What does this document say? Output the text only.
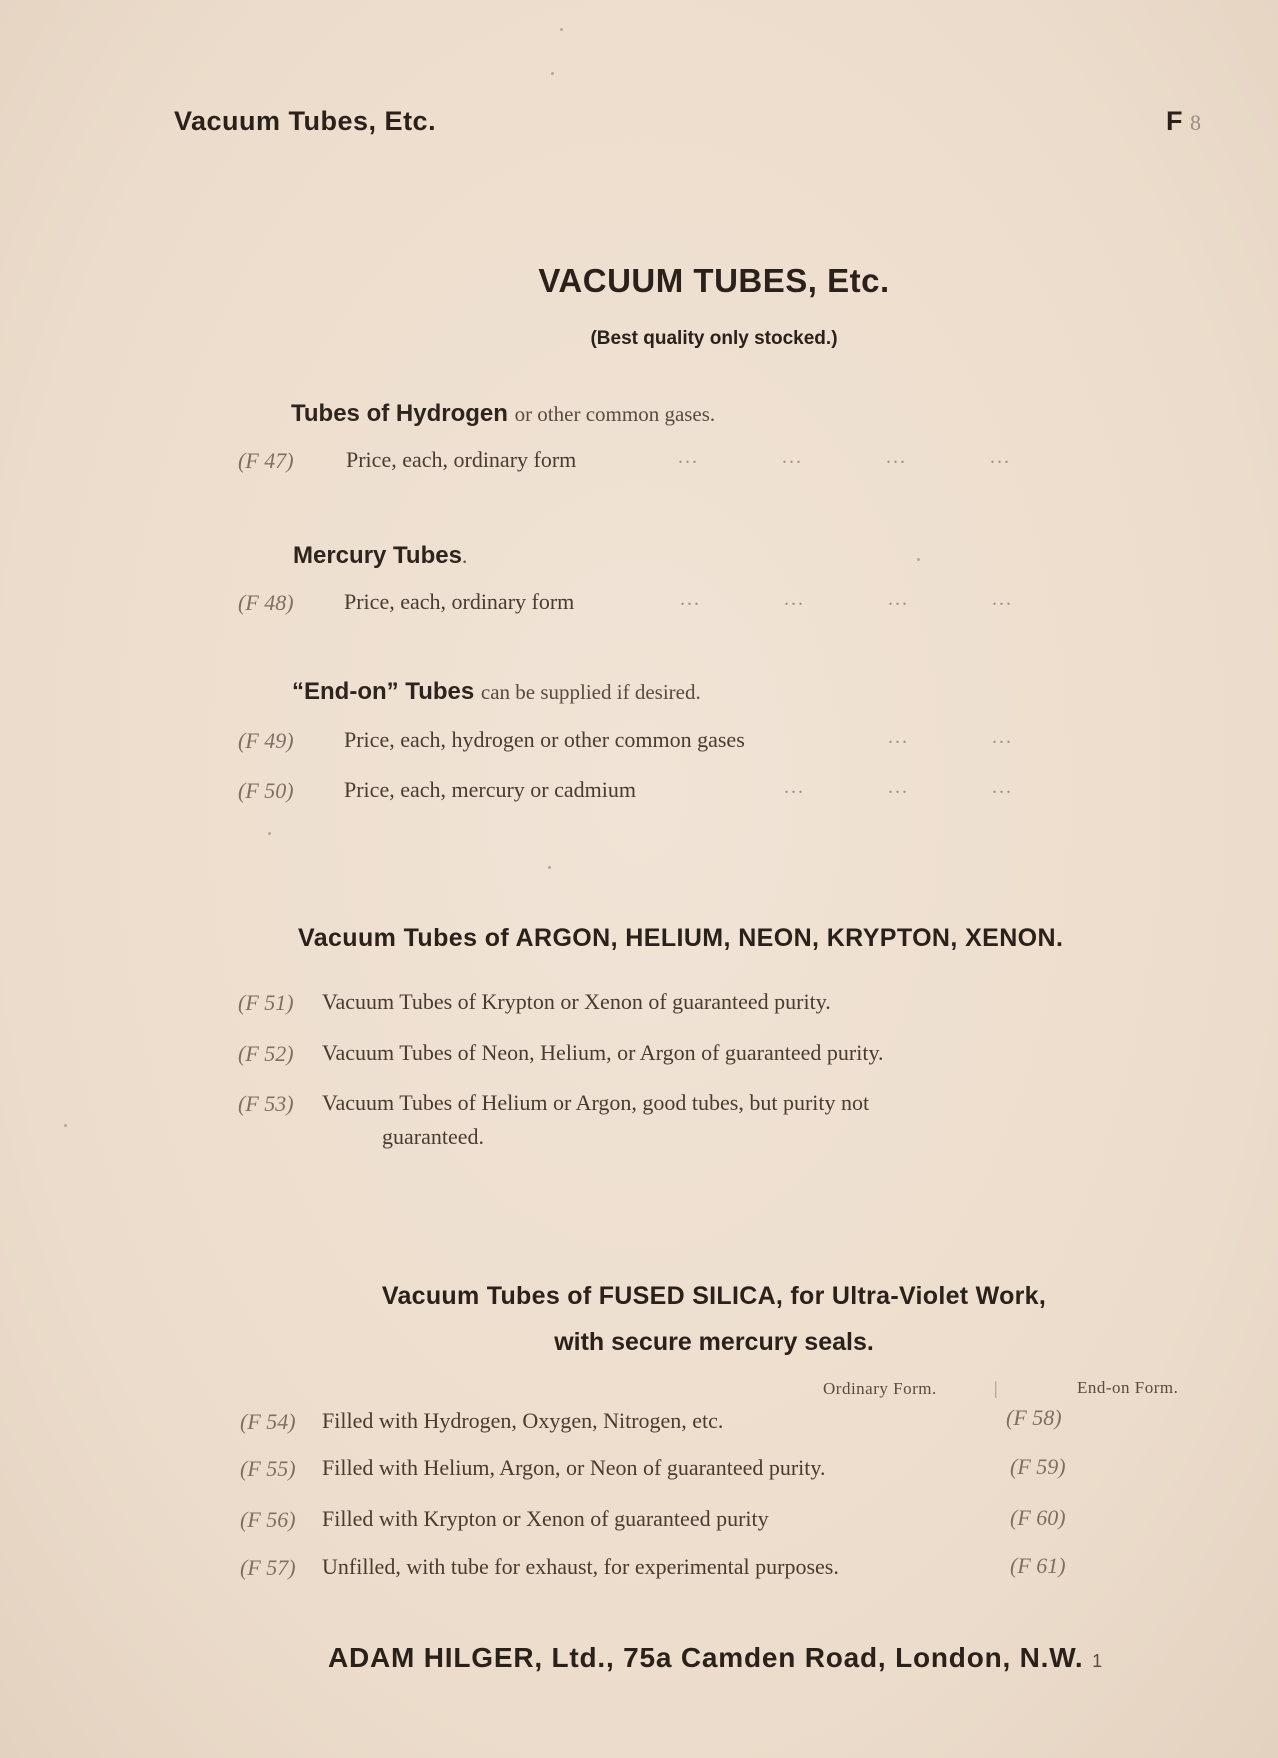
Vacuum Tubes, Etc.	F 8
VACUUM TUBES, Etc.
(Best quality only stocked.)
Tubes of Hydrogen or other common gases.
(F 47) Price, each, ordinary form	...	...	...	...
Mercury Tubes.
(F 48) Price, each, ordinary form	...	...	...	...
“End-on” Tubes can be supplied if desired.
(F 49) Price, each, hydrogen or other common gases	...	...
(F 50) Price, each, mercury or cadmium	...	...	...
Vacuum Tubes of ARGON, HELIUM, NEON, KRYPTON, XENON.
(F 51) Vacuum Tubes of Krypton or Xenon of guaranteed purity.
(F 52) Vacuum Tubes of Neon, Helium, or Argon of guaranteed purity.
(F 53) Vacuum Tubes of Helium or Argon, good tubes, but purity not
guaranteed.
Vacuum Tubes of FUSED SILICA, for Ultra-Violet Work,
with secure mercury seals.
Ordinary Form.	|	End-on Form.
(F 54) Filled with Hydrogen, Oxygen, Nitrogen, etc.	(F 58)
(F 55) Filled with Helium, Argon, or Neon of guaranteed purity.	(F 59)
(F 56) Filled with Krypton or Xenon of guaranteed purity	(F 60)
(F 57) Unfilled, with tube for exhaust, for experimental purposes.	(F 61)
ADAM HILGER, Ltd., 75a Camden Road, London, N.W. 1
